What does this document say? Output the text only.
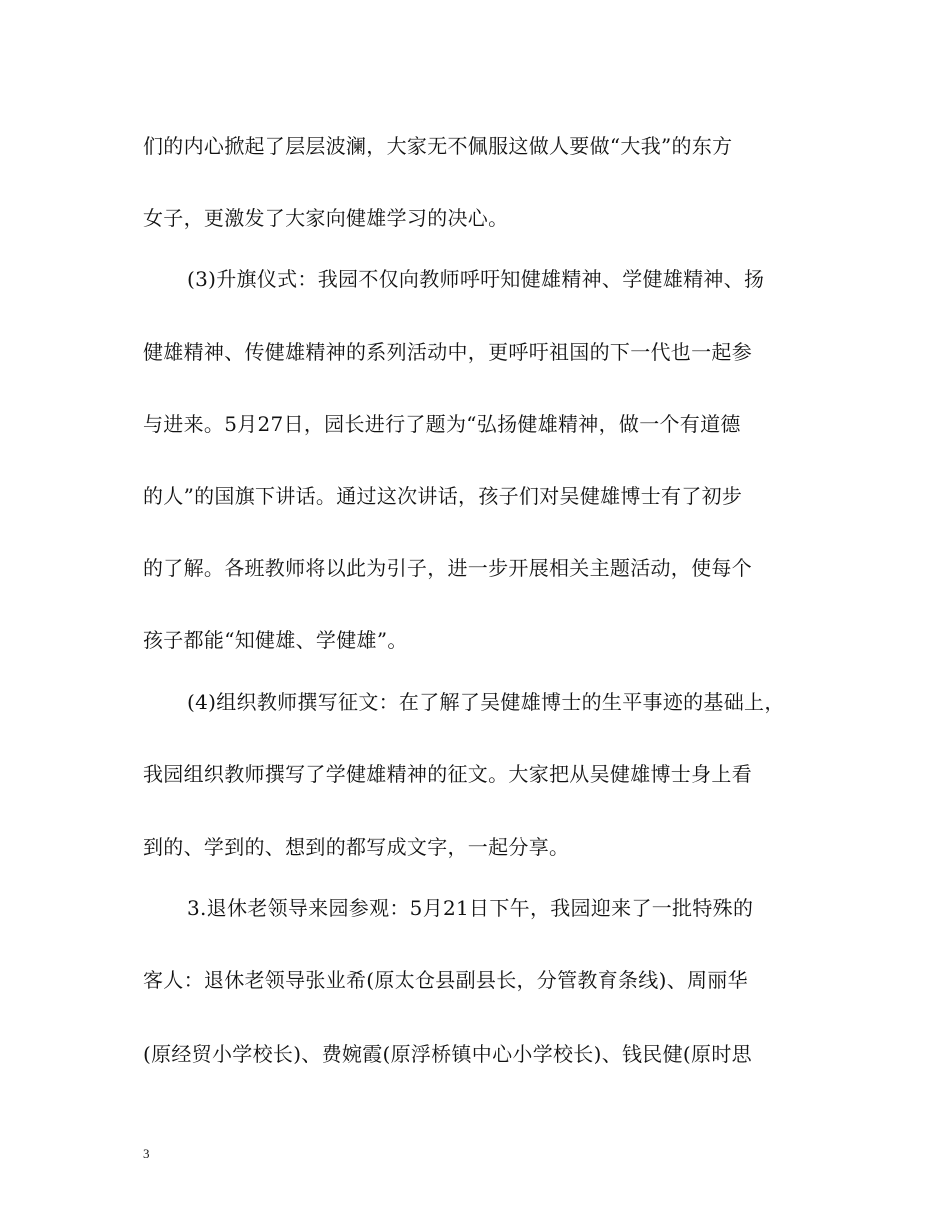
们的内心掀起了层层波澜，大家无不佩服这做人要做“大我”的东方
女子，更激发了大家向健雄学习的决心。
(3)升旗仪式：我园不仅向教师呼吁知健雄精神、学健雄精神、扬
健雄精神、传健雄精神的系列活动中，更呼吁祖国的下一代也一起参
与进来。5月27日，园长进行了题为“弘扬健雄精神，做一个有道德
的人”的国旗下讲话。通过这次讲话，孩子们对吴健雄博士有了初步
的了解。各班教师将以此为引子，进一步开展相关主题活动，使每个
孩子都能“知健雄、学健雄”。
(4)组织教师撰写征文：在了解了吴健雄博士的生平事迹的基础上，
我园组织教师撰写了学健雄精神的征文。大家把从吴健雄博士身上看
到的、学到的、想到的都写成文字，一起分享。
3.退休老领导来园参观：5月21日下午，我园迎来了一批特殊的
客人：退休老领导张业希(原太仓县副县长，分管教育条线)、周丽华
(原经贸小学校长)、费婉霞(原浮桥镇中心小学校长)、钱民健(原时思
3
